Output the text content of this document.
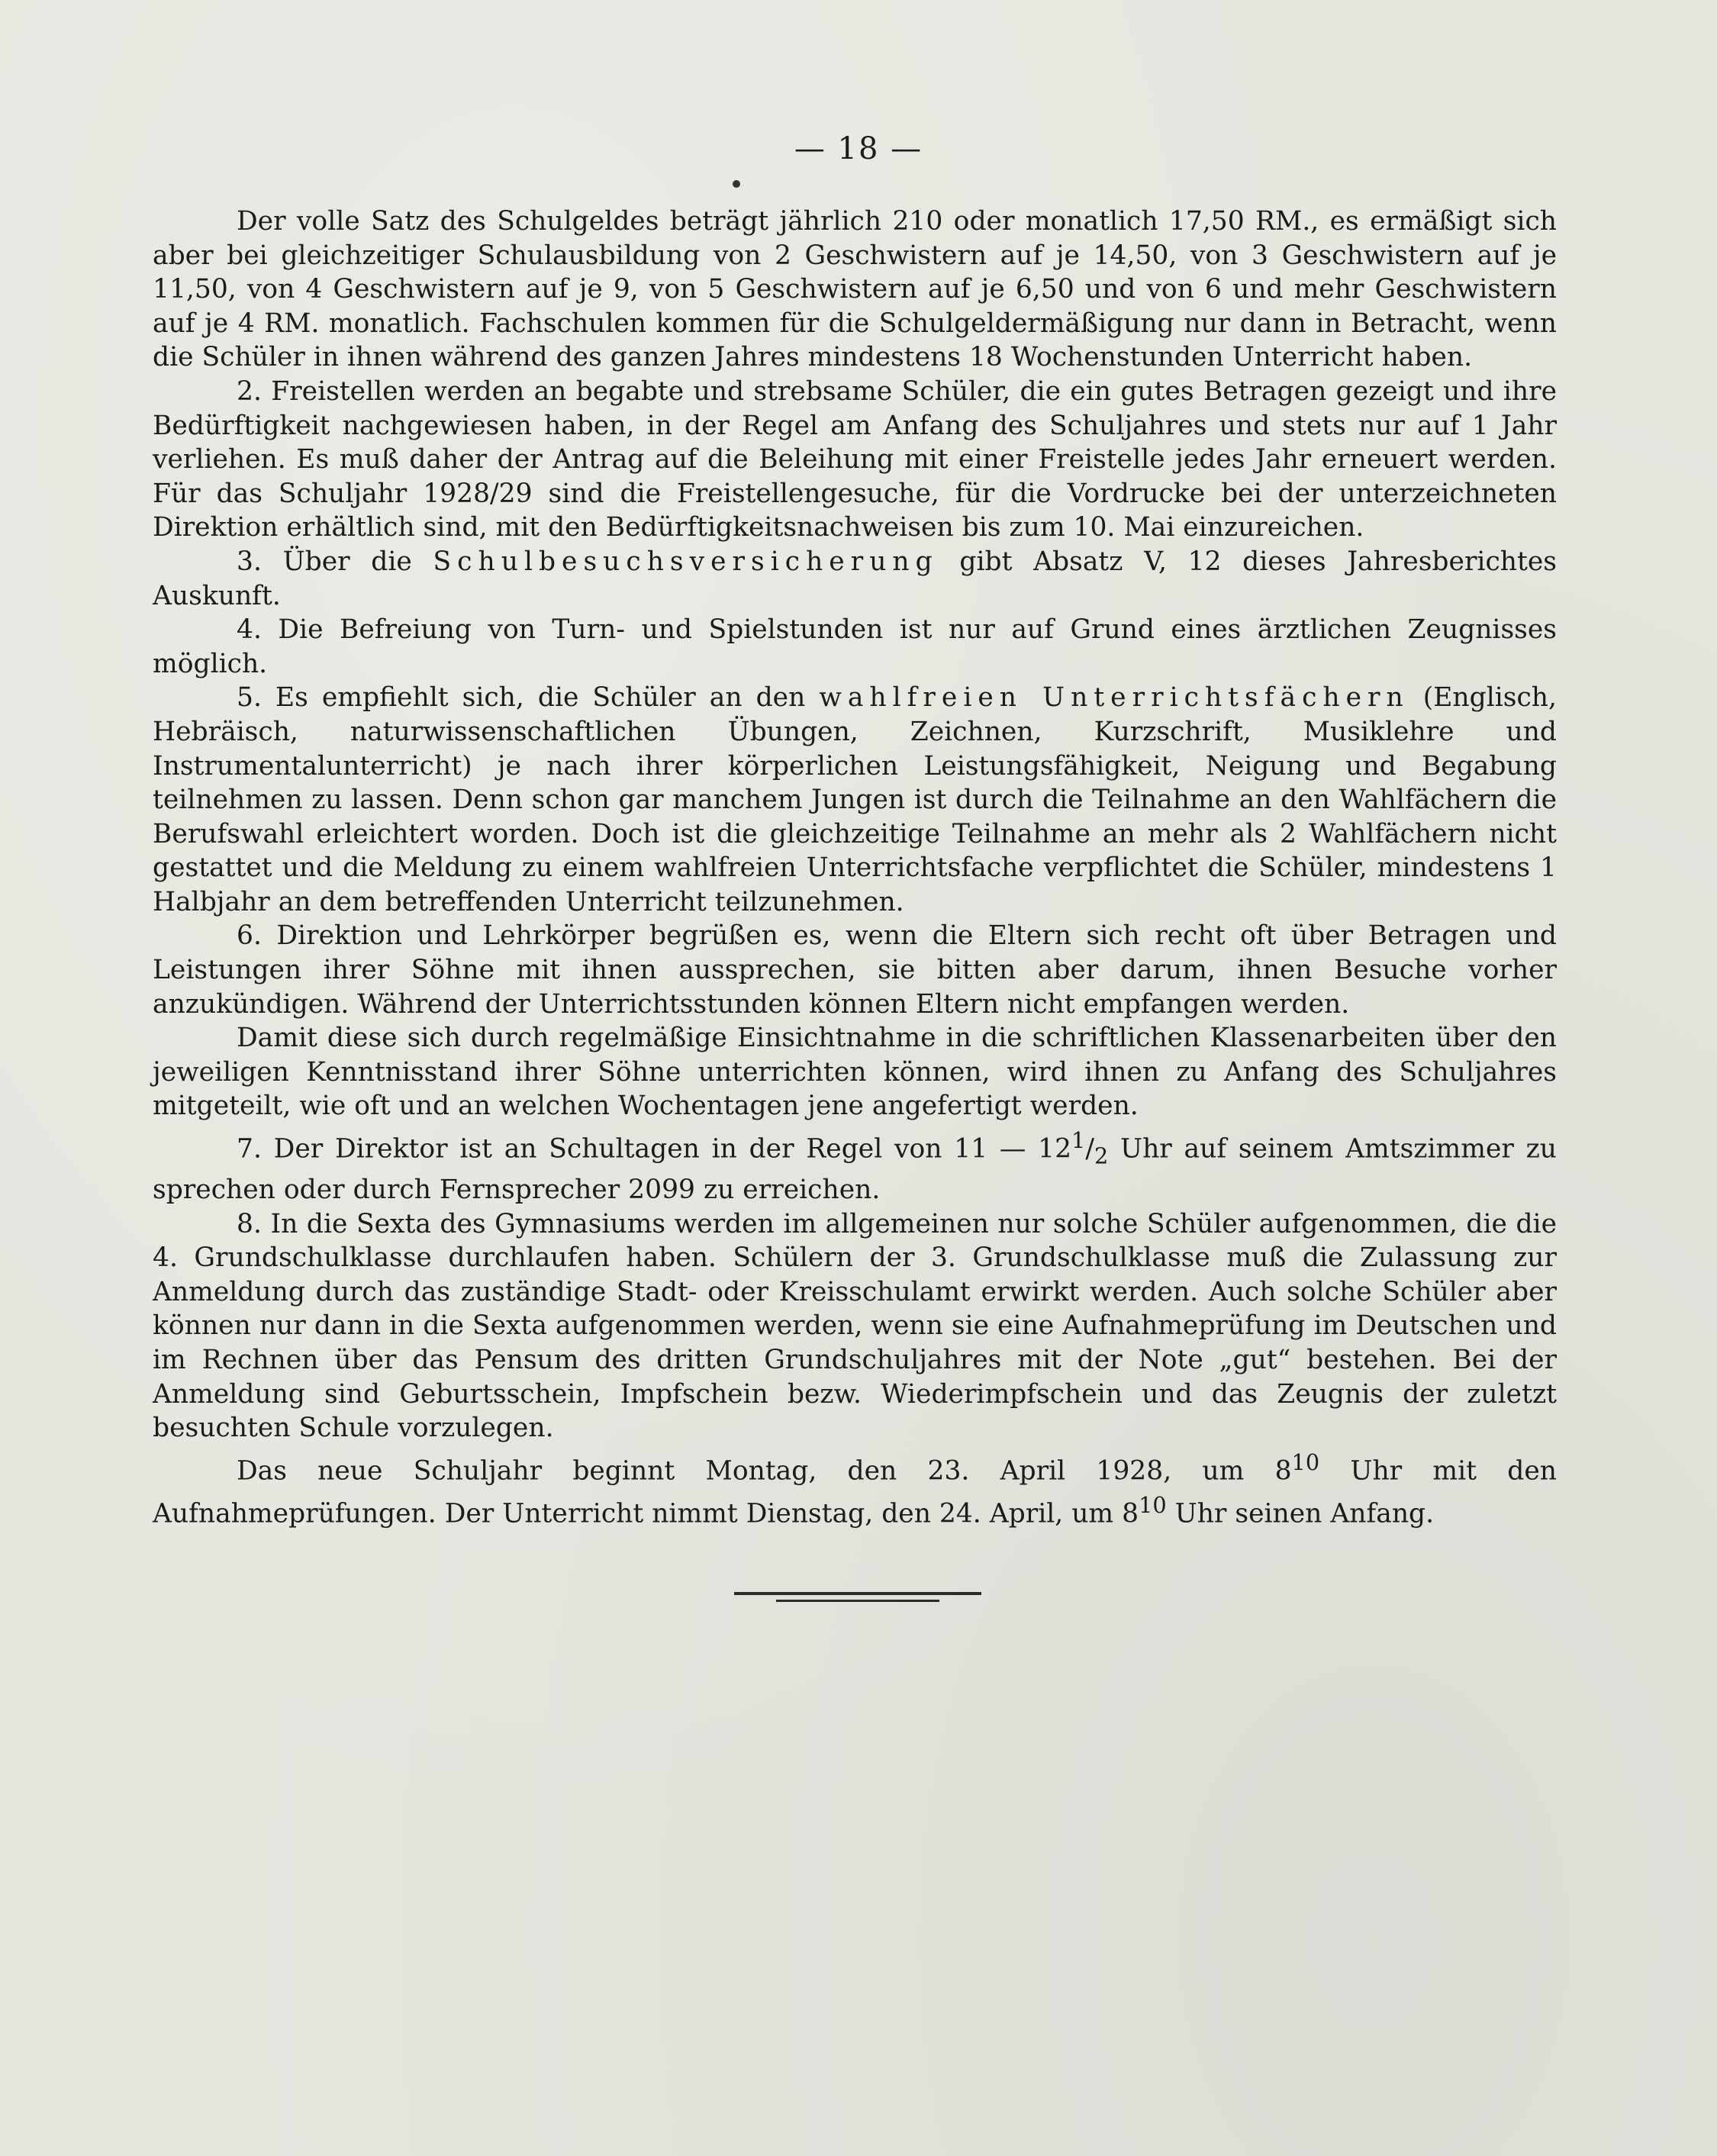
— 18 —

Der volle Satz des Schulgeldes beträgt jährlich 210 oder monatlich 17,50 RM., es ermäßigt sich aber bei gleichzeitiger Schulausbildung von 2 Geschwistern auf je 14,50, von 3 Geschwistern auf je 11,50, von 4 Geschwistern auf je 9, von 5 Geschwistern auf je 6,50 und von 6 und mehr Geschwistern auf je 4 RM. monatlich. Fachschulen kommen für die Schulgeldermäßigung nur dann in Betracht, wenn die Schüler in ihnen während des ganzen Jahres mindestens 18 Wochenstunden Unterricht haben.

2. Freistellen werden an begabte und strebsame Schüler, die ein gutes Betragen gezeigt und ihre Bedürftigkeit nachgewiesen haben, in der Regel am Anfang des Schuljahres und stets nur auf 1 Jahr verliehen. Es muß daher der Antrag auf die Beleihung mit einer Freistelle jedes Jahr erneuert werden. Für das Schuljahr 1928/29 sind die Freistellengesuche, für die Vordrucke bei der unterzeichneten Direktion erhältlich sind, mit den Bedürftigkeitsnachweisen bis zum 10. Mai einzureichen.

3. Über die Schulbesuchsversicherung gibt Absatz V, 12 dieses Jahresberichtes Auskunft.

4. Die Befreiung von Turn- und Spielstunden ist nur auf Grund eines ärztlichen Zeugnisses möglich.

5. Es empfiehlt sich, die Schüler an den wahlfreien Unterrichtsfächern (Englisch, Hebräisch, naturwissenschaftlichen Übungen, Zeichnen, Kurzschrift, Musiklehre und Instrumentalunterricht) je nach ihrer körperlichen Leistungsfähigkeit, Neigung und Begabung teilnehmen zu lassen. Denn schon gar manchem Jungen ist durch die Teilnahme an den Wahlfächern die Berufswahl erleichtert worden. Doch ist die gleichzeitige Teilnahme an mehr als 2 Wahlfächern nicht gestattet und die Meldung zu einem wahlfreien Unterrichtsfache verpflichtet die Schüler, mindestens 1 Halbjahr an dem betreffenden Unterricht teilzunehmen.

6. Direktion und Lehrkörper begrüßen es, wenn die Eltern sich recht oft über Betragen und Leistungen ihrer Söhne mit ihnen aussprechen, sie bitten aber darum, ihnen Besuche vorher anzukündigen. Während der Unterrichtsstunden können Eltern nicht empfangen werden.

Damit diese sich durch regelmäßige Einsichtnahme in die schriftlichen Klassenarbeiten über den jeweiligen Kenntnisstand ihrer Söhne unterrichten können, wird ihnen zu Anfang des Schuljahres mitgeteilt, wie oft und an welchen Wochentagen jene angefertigt werden.

7. Der Direktor ist an Schultagen in der Regel von 11 — $12^1/_2$ Uhr auf seinem Amtszimmer zu sprechen oder durch Fernsprecher 2099 zu erreichen.

8. In die Sexta des Gymnasiums werden im allgemeinen nur solche Schüler aufgenommen, die die 4. Grundschulklasse durchlaufen haben. Schülern der 3. Grundschulklasse muß die Zulassung zur Anmeldung durch das zuständige Stadt- oder Kreisschulamt erwirkt werden. Auch solche Schüler aber können nur dann in die Sexta aufgenommen werden, wenn sie eine Aufnahmeprüfung im Deutschen und im Rechnen über das Pensum des dritten Grundschuljahres mit der Note „gut“ bestehen. Bei der Anmeldung sind Geburtsschein, Impfschein bezw. Wiederimpfschein und das Zeugnis der zuletzt besuchten Schule vorzulegen.

Das neue Schuljahr beginnt Montag, den 23. April 1928, um $8^{10}$ Uhr mit den Aufnahmeprüfungen. Der Unterricht nimmt Dienstag, den 24. April, um $8^{10}$ Uhr seinen Anfang.
